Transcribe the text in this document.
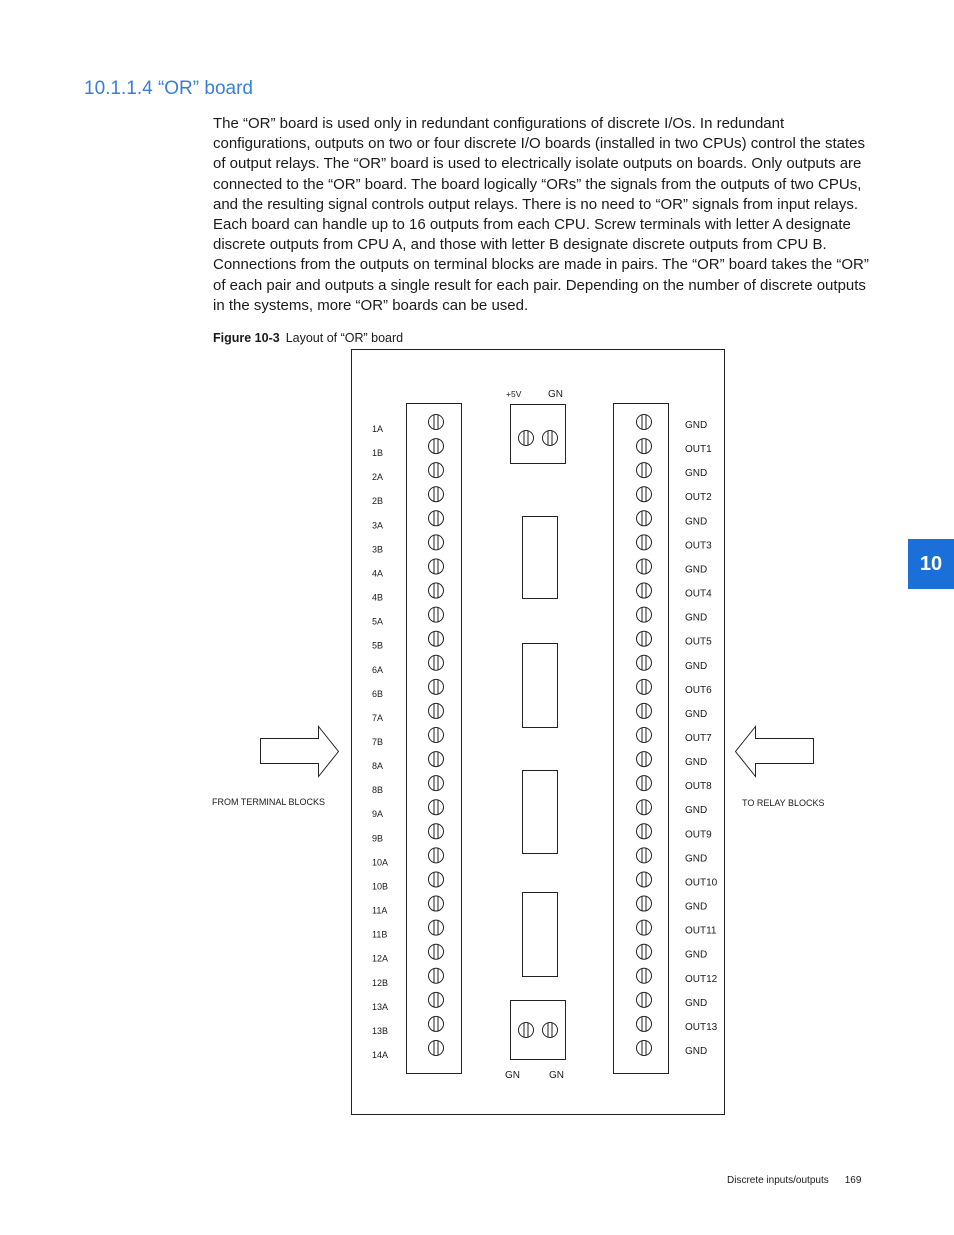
10.1.1.4 “OR” board

The “OR” board is used only in redundant configurations of discrete I/Os. In redundant configurations, outputs on two or four discrete I/O boards (installed in two CPUs) control the states of output relays. The “OR” board is used to electrically isolate outputs on boards. Only outputs are connected to the “OR” board. The board logically “ORs” the signals from the outputs of two CPUs, and the resulting signal controls output relays. There is no need to “OR” signals from input relays. Each board can handle up to 16 outputs from each CPU. Screw terminals with letter A designate discrete outputs from CPU A, and those with letter B designate discrete outputs from CPU B. Connections from the outputs on terminal blocks are made in pairs. The “OR” board takes the “OR” of each pair and outputs a single result for each pair. Depending on the number of discrete outputs in the systems, more “OR” boards can be used.

Figure 10-3 Layout of “OR” board
+5V	GN
GN	GN
FROM TERMINAL BLOCKS	TO RELAY BLOCKS
1A
1B
2A
2B
3A
3B
4A
4B
5A
5B
6A
6B
7A
7B
8A
8B
9A
9B
10A
10B
11A
11B
12A
12B
13A
13B
14A
GND
OUT1
GND
OUT2
GND
OUT3
GND
OUT4
GND
OUT5
GND
OUT6
GND
OUT7
GND
OUT8
GND
OUT9
GND
OUT10
GND
OUT11
GND
OUT12
GND
OUT13
GND
10
Discrete inputs/outputs 169
